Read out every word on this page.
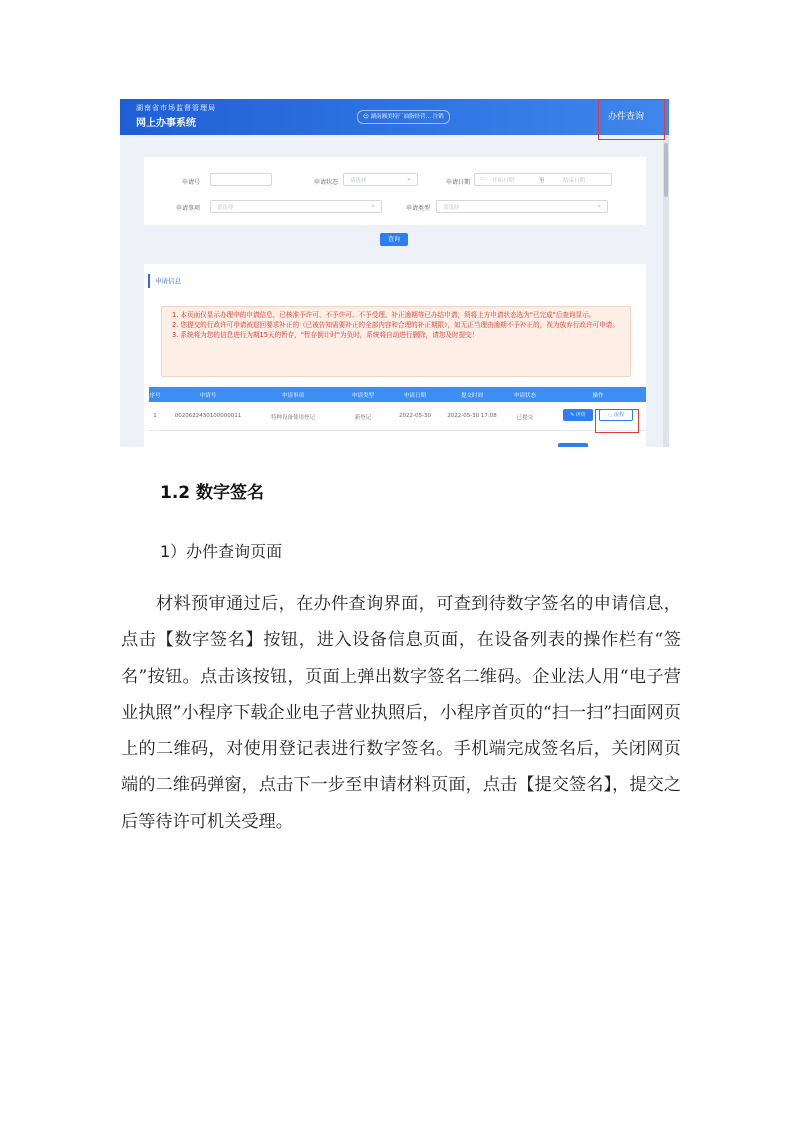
湖南省市场监督管理局
网上办事系统
☺ 湖南湘美特厂油脂经营… 注销	办件查询
申请号	申请状态 请选择	⌄
申请日期 ▫ 开始日期	至	结束日期
申请事项	请选择	⌄	申请类型 请选择	⌄
查询
申请信息

1. 本页面仅显示办理中的申请信息，已核准予许可、不予许可、不予受理、补正逾期等已办结申请，须将上方申请状态选为"已完成"后查询显示。

2. 您提交的行政许可申请被退回要求补正的（已被告知需要补正的全部内容和合理的补正期限），如无正当理由逾期不予补正的，视为放弃行政许可申请。

3. 系统将为您的信息进行为期15天的暂存，"暂存倒计时"为负时，系统将自动进行删除，请您及时提交！

序号	申请号	申请事项	申请类型	申请日期	提交时间	申请状态	操作
1	0020622430100000011	特种设备使用登记	新登记	2022-05-30	2022-05-30 17:08	已提交	✎ 评价	◌ 流程
1.2 数字签名
1）办件查询页面

材料预审通过后，在办件查询界面，可查到待数字签名的申请信息，点击【数字签名】按钮，进入设备信息页面，在设备列表的操作栏有“签名”按钮。点击该按钮，页面上弹出数字签名二维码。企业法人用“电子营业执照”小程序下载企业电子营业执照后，小程序首页的“扫一扫”扫面网页上的二维码，对使用登记表进行数字签名。手机端完成签名后，关闭网页端的二维码弹窗，点击下一步至申请材料页面，点击【提交签名】，提交之后等待许可机关受理。
